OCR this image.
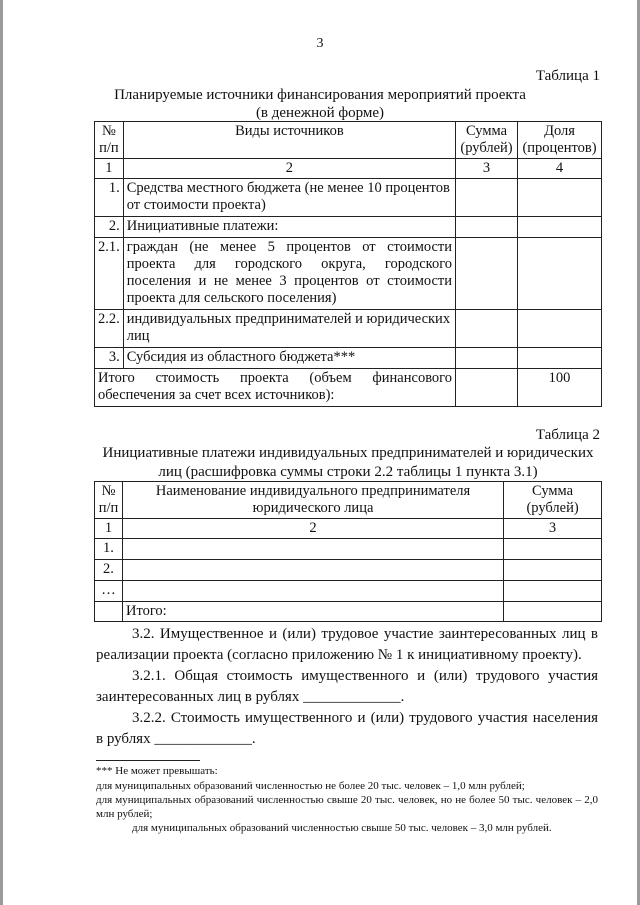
3
Таблица 1
Планируемые источники финансирования мероприятий проекта
(в денежной форме)
№ п/п	Виды источников	Сумма (рублей)	Доля (процентов)
1	2	3	4
1.	Средства местного бюджета (не менее 10 процентов от стоимости проекта)		
2.	Инициативные платежи:		
2.1.	граждан (не менее 5 процентов от стоимости проекта для городского округа, городского поселения и не менее 3 процентов от стоимости проекта для сельского поселения)		
2.2.	индивидуальных предпринимателей и юридических лиц		
3.	Субсидия из областного бюджета***		
Итого стоимость проекта (объем финансового обеспечения за счет всех источников):			100
Таблица 2
Инициативные платежи индивидуальных предпринимателей и юридических лиц (расшифровка суммы строки 2.2 таблицы 1 пункта 3.1)
№ п/п	Наименование индивидуального предпринимателя юридического лица	Сумма (рублей)
1	2	3
1.		
2.		
…		
	Итого:	
3.2. Имущественное и (или) трудовое участие заинтересованных лиц в реализации проекта (согласно приложению № 1 к инициативному проекту).
3.2.1. Общая стоимость имущественного и (или) трудового участия заинтересованных лиц в рублях _____________.
3.2.2. Стоимость имущественного и (или) трудового участия населения в рублях _____________.
*** Не может превышать:
для муниципальных образований численностью не более 20 тыс. человек – 1,0 млн рублей;
для муниципальных образований численностью свыше 20 тыс. человек, но не более 50 тыс. человек – 2,0 млн рублей;
для муниципальных образований численностью свыше 50 тыс. человек – 3,0 млн рублей.
